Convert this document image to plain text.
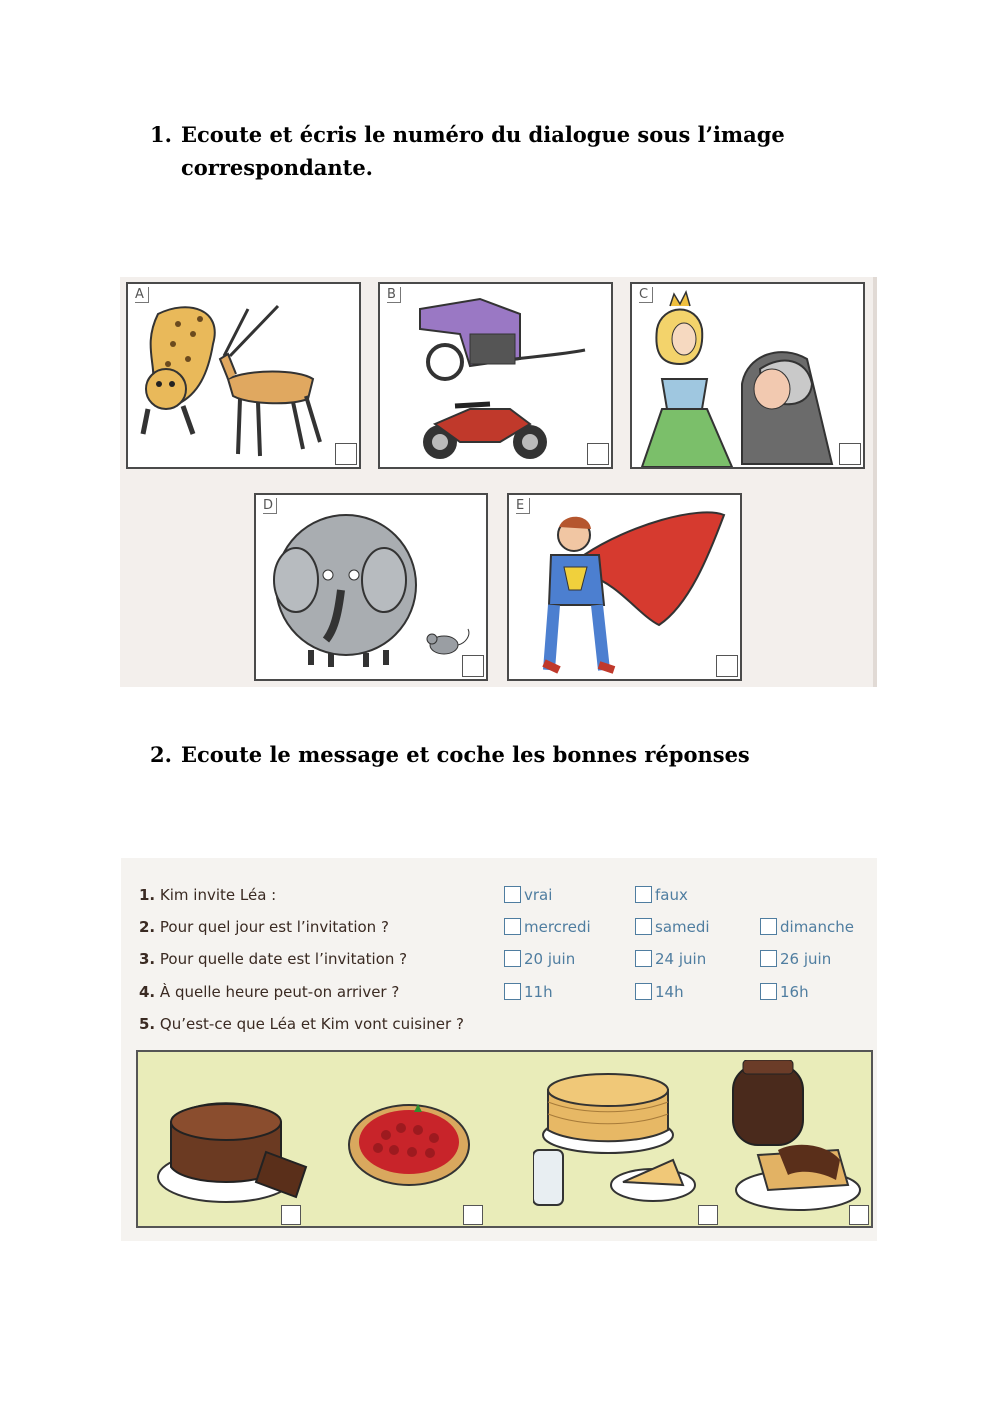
1. Ecoute et écris le numéro du dialogue sous l’image
correspondante.
A	B	C
D	E
2. Ecoute le message et coche les bonnes réponses
1. Kim invite Léa :	vrai	faux
2. Pour quel jour est l’invitation ?	mercredi	samedi	dimanche
3. Pour quelle date est l’invitation ?	20 juin	24 juin	26 juin
4. À quelle heure peut-on arriver ?	11h	14h	16h
5. Qu’est-ce que Léa et Kim vont cuisiner ?
